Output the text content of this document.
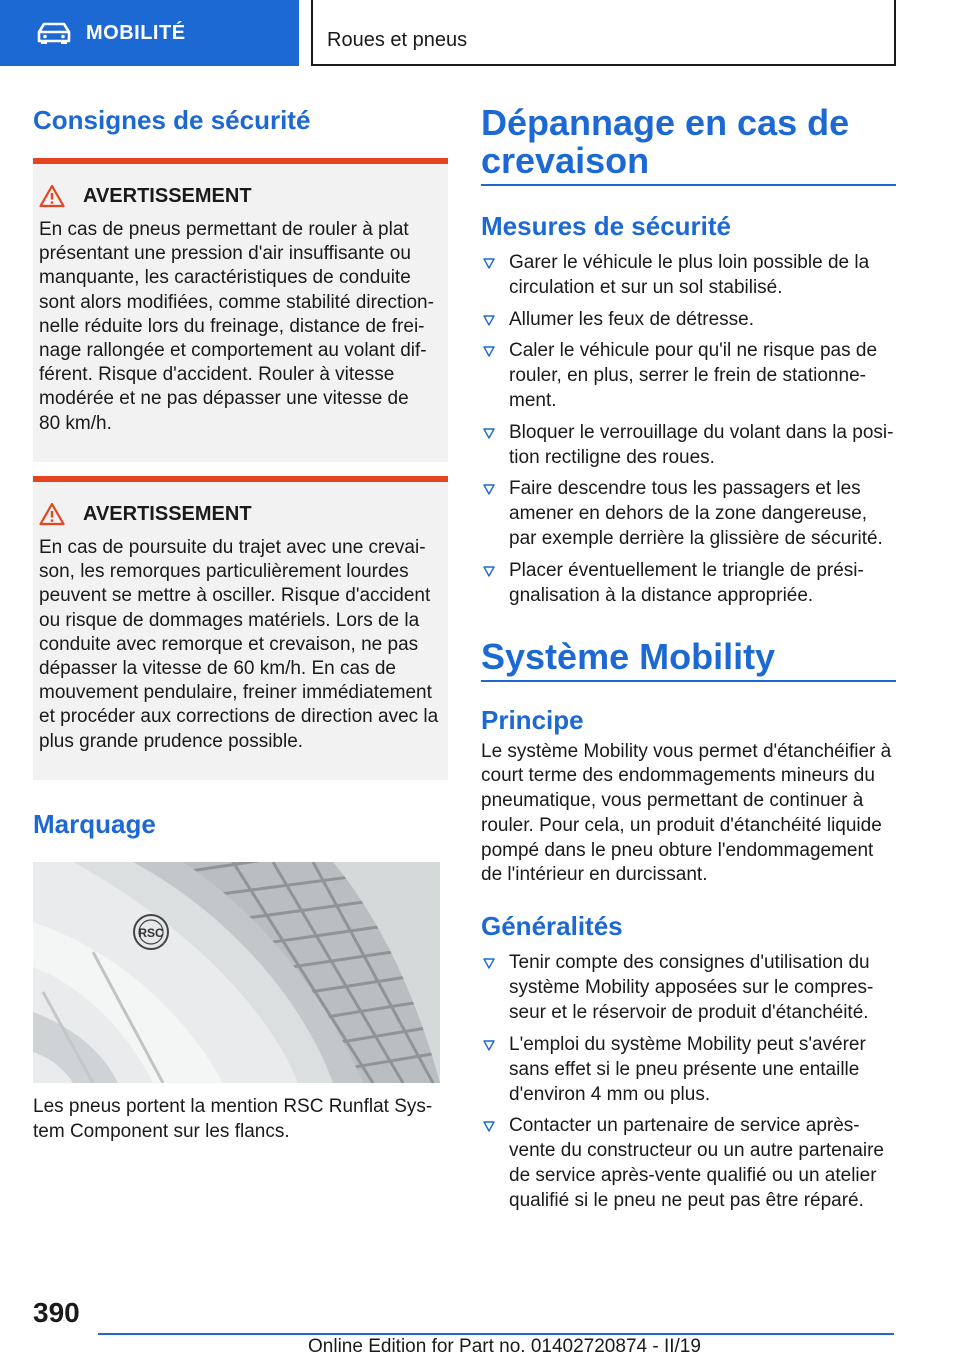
MOBILITÉ	Roues et pneus
Consignes de sécurité
AVERTISSEMENT
En cas de pneus permettant de rouler à plat
présentant une pression d'air insuffisante ou
manquante, les caractéristiques de conduite
sont alors modifiées, comme stabilité direction-
nelle réduite lors du freinage, distance de frei-
nage rallongée et comportement au volant dif-
férent. Risque d'accident. Rouler à vitesse
modérée et ne pas dépasser une vitesse de
80 km/h.
AVERTISSEMENT
En cas de poursuite du trajet avec une crevai-
son, les remorques particulièrement lourdes
peuvent se mettre à osciller. Risque d'accident
ou risque de dommages matériels. Lors de la
conduite avec remorque et crevaison, ne pas
dépasser la vitesse de 60 km/h. En cas de
mouvement pendulaire, freiner immédiatement
et procéder aux corrections de direction avec la
plus grande prudence possible.
Marquage
RSC

Les pneus portent la mention RSC Runflat Sys-

tem Component sur les flancs.

Dépannage en cas de
crevaison
Mesures de sécurité
Garer le véhicule le plus loin possible de la
circulation et sur un sol stabilisé.
Allumer les feux de détresse.
Caler le véhicule pour qu'il ne risque pas de
rouler, en plus, serrer le frein de stationne-
ment.
Bloquer le verrouillage du volant dans la posi-
tion rectiligne des roues.
Faire descendre tous les passagers et les
amener en dehors de la zone dangereuse,
par exemple derrière la glissière de sécurité.
Placer éventuellement le triangle de prési-
gnalisation à la distance appropriée.
Système Mobility
Principe

Le système Mobility vous permet d'étanchéifier à

court terme des endommagements mineurs du

pneumatique, vous permettant de continuer à

rouler. Pour cela, un produit d'étanchéité liquide

pompé dans le pneu obture l'endommagement

de l'intérieur en durcissant.

Généralités
Tenir compte des consignes d'utilisation du
système Mobility apposées sur le compres-
seur et le réservoir de produit d'étanchéité.
L'emploi du système Mobility peut s'avérer
sans effet si le pneu présente une entaille
d'environ 4 mm ou plus.
Contacter un partenaire de service après-
vente du constructeur ou un autre partenaire
de service après-vente qualifié ou un atelier
qualifié si le pneu ne peut pas être réparé.
390
Online Edition for Part no. 01402720874 - II/19
